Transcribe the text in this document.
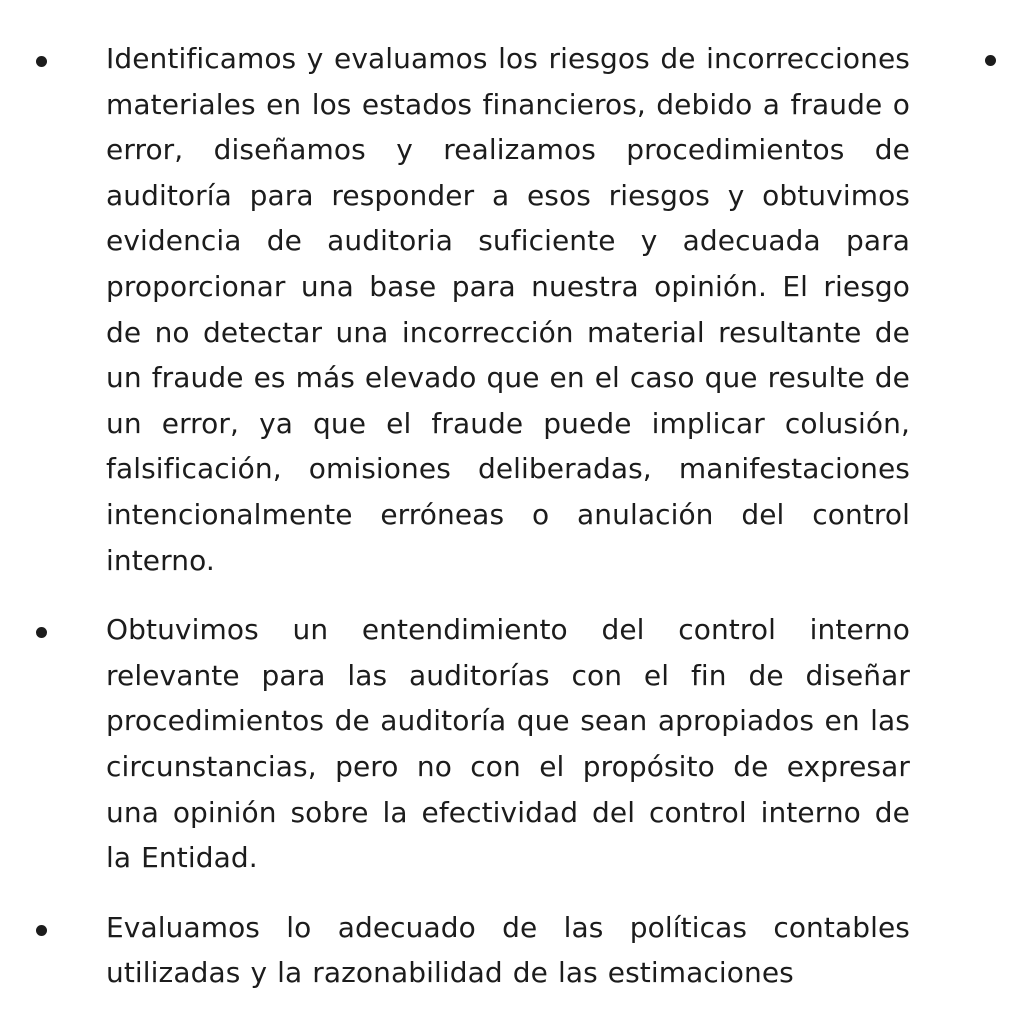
Identificamos y evaluamos los riesgos de incorrecciones materiales en los estados financieros, debido a fraude o error, diseñamos y realizamos procedimientos de auditoría para responder a esos riesgos y obtuvimos evidencia de auditoria suficiente y adecuada para proporcionar una base para nuestra opinión. El riesgo de no detectar una incorrección material resultante de un fraude es más elevado que en el caso que resulte de un error, ya que el fraude puede implicar colusión, falsificación, omisiones deliberadas, manifestaciones intencionalmente erróneas o anulación del control interno.

Obtuvimos un entendimiento del control interno relevante para las auditorías con el fin de diseñar procedimientos de auditoría que sean apropiados en las circunstancias, pero no con el propósito de expresar una opinión sobre la efectividad del control interno de la Entidad.

Evaluamos lo adecuado de las políticas contables utilizadas y la razonabilidad de las estimaciones
